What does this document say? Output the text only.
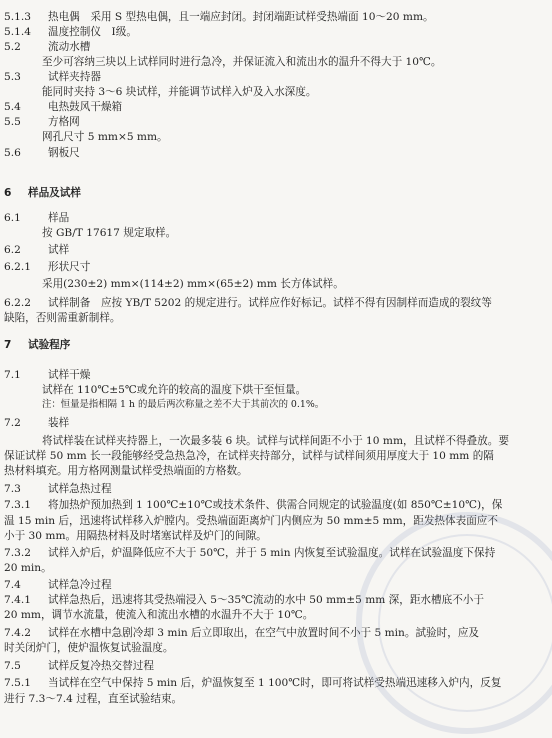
5.1.3 热电偶　采用 S 型热电偶，且一端应封闭。封闭端距试样受热端面 10～20 mm。
5.1.4 温度控制仪　Ⅰ级。
5.2	流动水槽
至少可容纳三块以上试样同时进行急冷，并保证流入和流出水的温升不得大于 10℃。
5.3	试样夹持器
能同时夹持 3～6 块试样，并能调节试样入炉及入水深度。
5.4	电热鼓风干燥箱
5.5	方格网
网孔尺寸 5 mm×5 mm。
5.6	钢板尺
6 样品及试样
6.1	样品
按 GB/T 17617 规定取样。
6.2	试样
6.2.1 形状尺寸
采用(230±2) mm×(114±2) mm×(65±2) mm 长方体试样。
6.2.2 试样制备　应按 YB/T 5202 的规定进行。试样应作好标记。试样不得有因制样而造成的裂纹等
缺陷，否则需重新制样。
7 试验程序
7.1	试样干燥
试样在 110℃±5℃或允许的较高的温度下烘干至恒量。
注：恒量是指相隔 1 h 的最后两次称量之差不大于其前次的 0.1%。
7.2	装样
将试样装在试样夹持器上，一次最多装 6 块。试样与试样间距不小于 10 mm，且试样不得叠放。要
保证试样 50 mm 长一段能够经受急热急冷，在试样夹持部分，试样与试样间须用厚度大于 10 mm 的隔
热材料填充。用方格网测量试样受热端面的方格数。
7.3	试样急热过程
7.3.1 将加热炉预加热到 1 100℃±10℃或技术条件、供需合同规定的试验温度(如 850℃±10℃)，保
温 15 min 后，迅速将试样移入炉膛内。受热端面距离炉门内侧应为 50 mm±5 mm，距发热体表面应不
小于 30 mm。用隔热材料及时堵塞试样及炉门的间隙。
7.3.2 试样入炉后，炉温降低应不大于 50℃，并于 5 min 内恢复至试验温度。试样在试验温度下保持
20 min。
7.4	试样急冷过程
7.4.1 试样急热后，迅速将其受热端浸入 5～35℃流动的水中 50 mm±5 mm 深，距水槽底不小于
20 mm，调节水流量，使流入和流出水槽的水温升不大于 10℃。
7.4.2 试样在水槽中急剧冷却 3 min 后立即取出，在空气中放置时间不小于 5 min。試验时，应及
时关闭炉门，使炉温恢复试验温度。
7.5	试样反复冷热交替过程
7.5.1 当试样在空气中保持 5 min 后，炉温恢复至 1 100℃时，即可将试样受热端迅速移入炉内，反复
进行 7.3～7.4 过程，直至试验结束。
